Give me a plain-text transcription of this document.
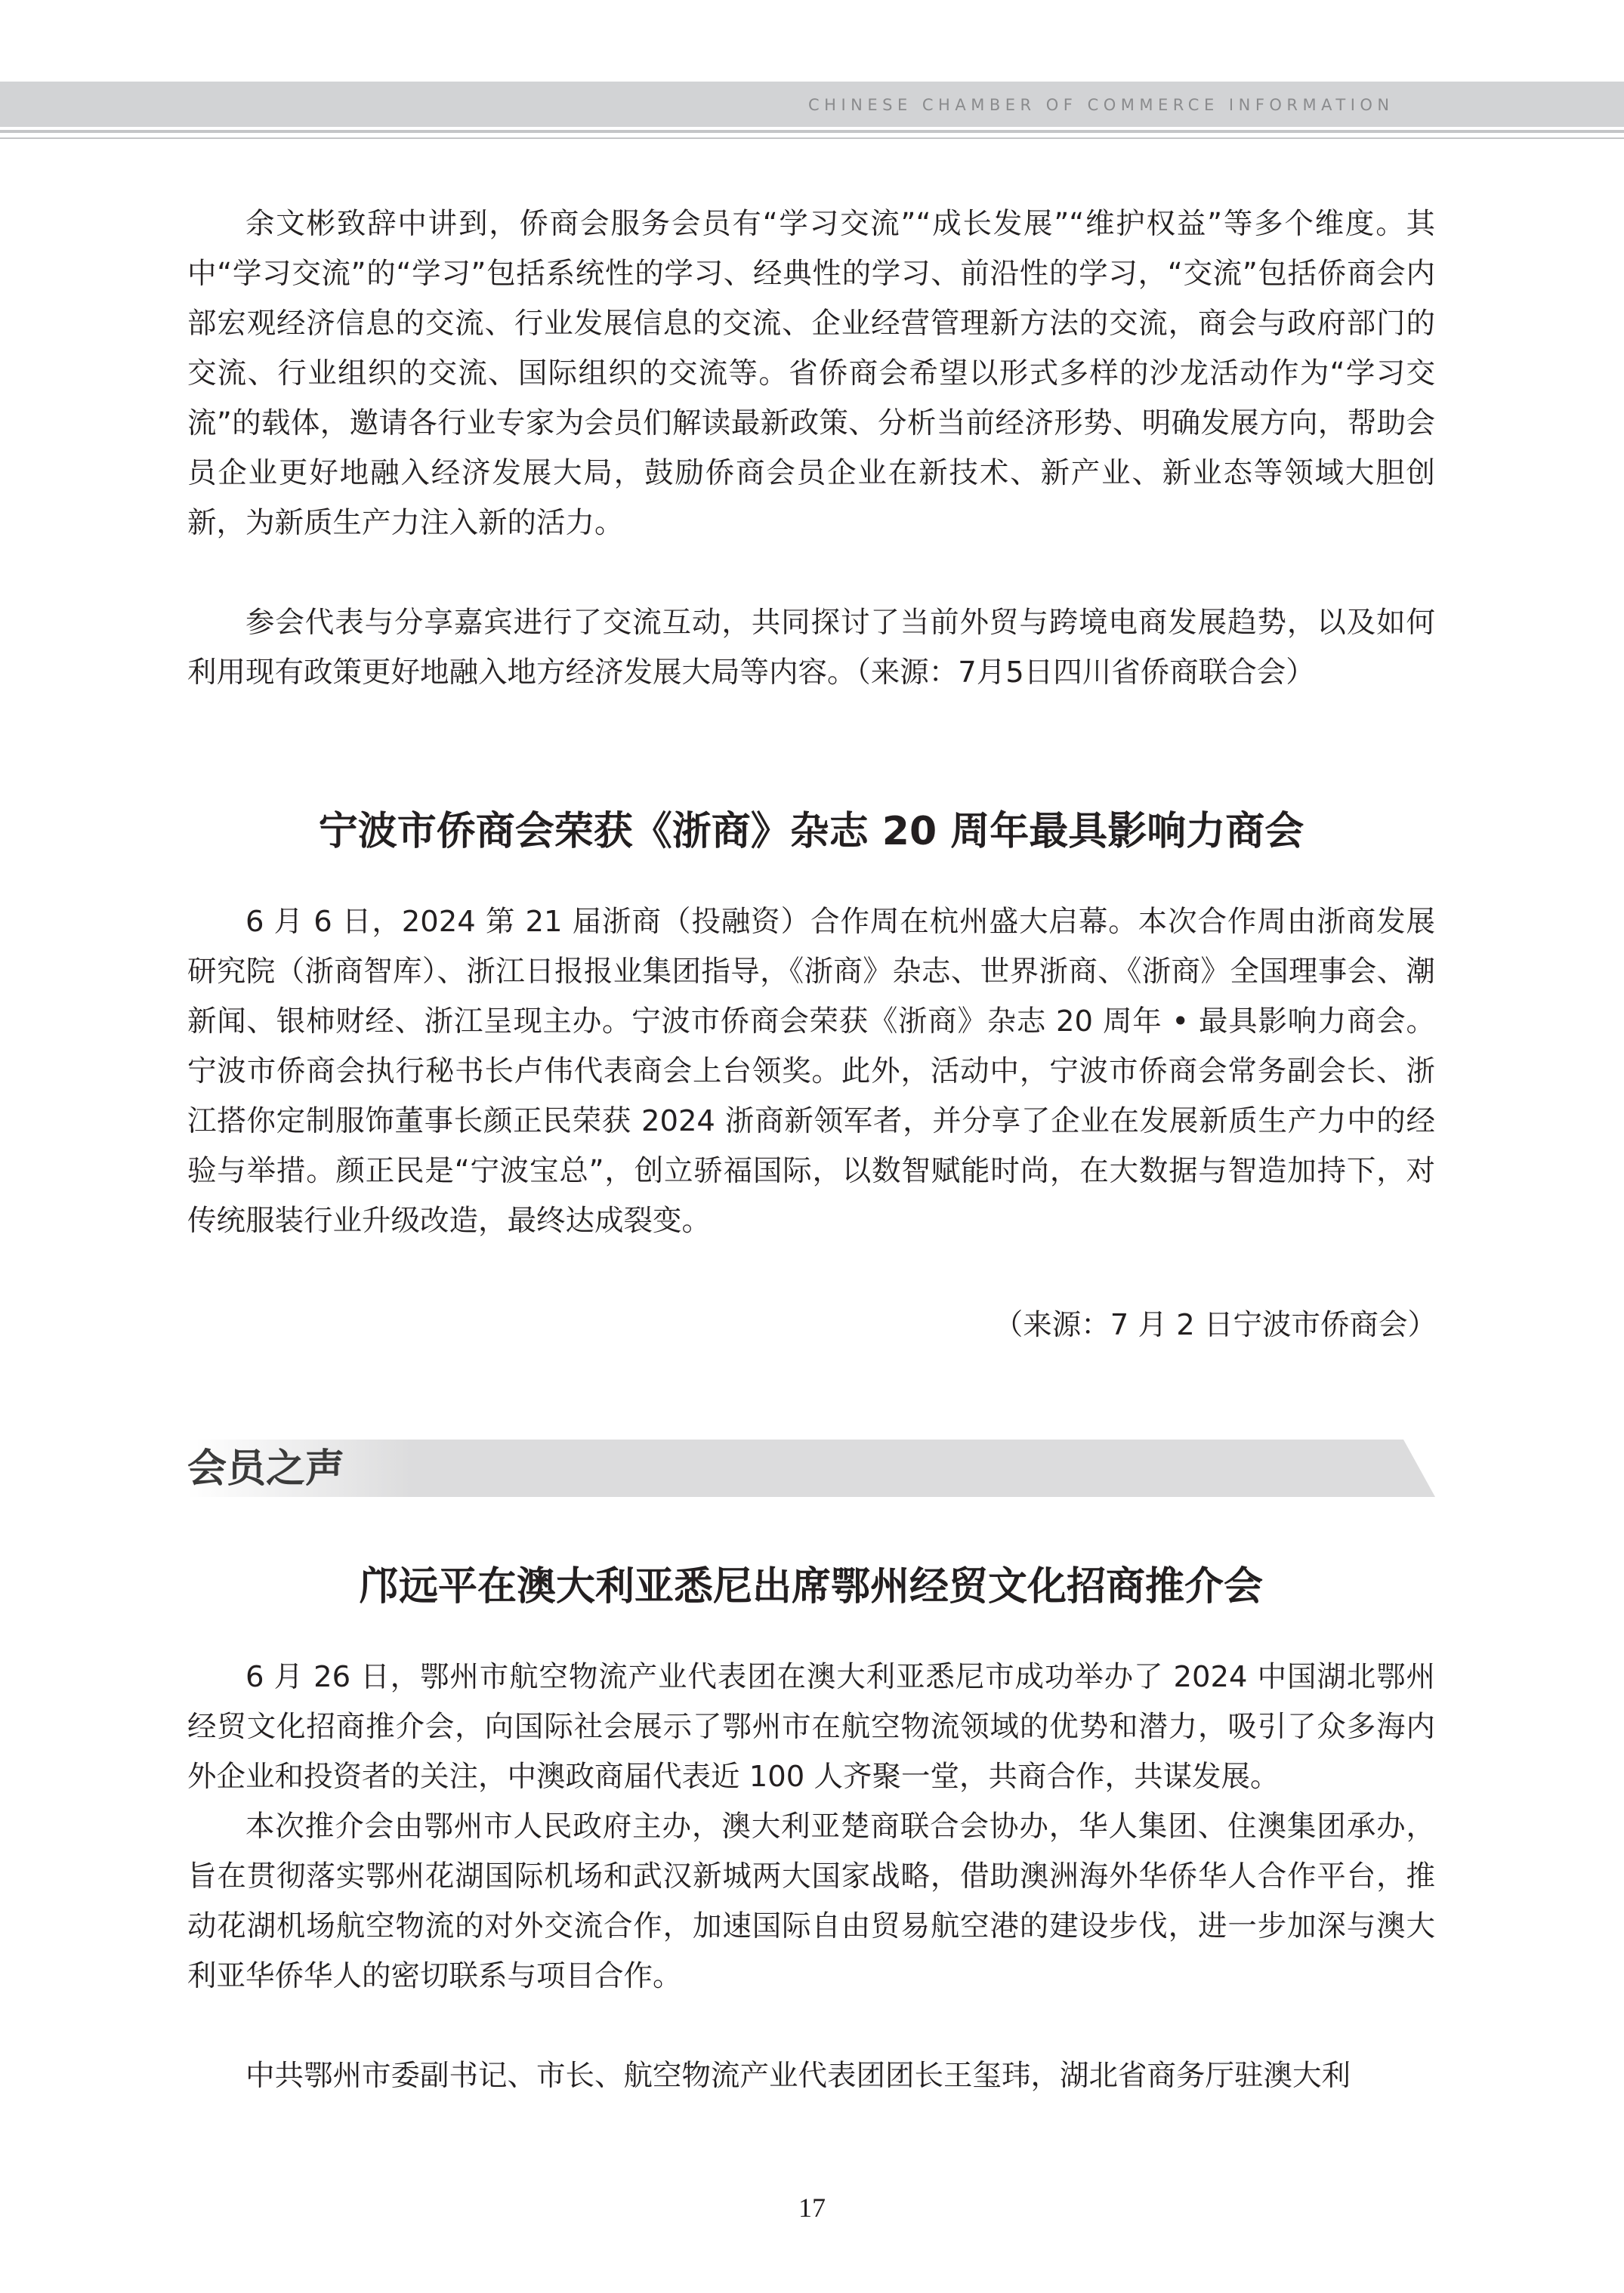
CHINESE CHAMBER OF COMMERCE INFORMATION

余文彬致辞中讲到，侨商会服务会员有“学习交流”“成长发展”“维护权益”等多个维度。其中“学习交流”的“学习”包括系统性的学习、经典性的学习、前沿性的学习，“交流”包括侨商会内部宏观经济信息的交流、行业发展信息的交流、企业经营管理新方法的交流，商会与政府部门的交流、行业组织的交流、国际组织的交流等。省侨商会希望以形式多样的沙龙活动作为“学习交流”的载体，邀请各行业专家为会员们解读最新政策、分析当前经济形势、明确发展方向，帮助会员企业更好地融入经济发展大局，鼓励侨商会员企业在新技术、新产业、新业态等领域大胆创新，为新质生产力注入新的活力。

参会代表与分享嘉宾进行了交流互动，共同探讨了当前外贸与跨境电商发展趋势，以及如何利用现有政策更好地融入地方经济发展大局等内容。（来源：7月5日四川省侨商联合会）

宁波市侨商会荣获《浙商》杂志 20 周年最具影响力商会

6 月 6 日，2024 第 21 届浙商（投融资）合作周在杭州盛大启幕。本次合作周由浙商发展研究院（浙商智库）、浙江日报报业集团指导，《浙商》杂志、世界浙商、《浙商》全国理事会、潮新闻、银柿财经、浙江呈现主办。宁波市侨商会荣获《浙商》杂志 20 周年 • 最具影响力商会。宁波市侨商会执行秘书长卢伟代表商会上台领奖。此外，活动中，宁波市侨商会常务副会长、浙江搭你定制服饰董事长颜正民荣获 2024 浙商新领军者，并分享了企业在发展新质生产力中的经验与举措。颜正民是“宁波宝总”，创立骄福国际，以数智赋能时尚，在大数据与智造加持下，对传统服装行业升级改造，最终达成裂变。

（来源：7 月 2 日宁波市侨商会）

会员之声
邝远平在澳大利亚悉尼出席鄂州经贸文化招商推介会

6 月 26 日，鄂州市航空物流产业代表团在澳大利亚悉尼市成功举办了 2024 中国湖北鄂州经贸文化招商推介会，向国际社会展示了鄂州市在航空物流领域的优势和潜力，吸引了众多海内外企业和投资者的关注，中澳政商届代表近 100 人齐聚一堂，共商合作，共谋发展。

本次推介会由鄂州市人民政府主办，澳大利亚楚商联合会协办，华人集团、住澳集团承办，旨在贯彻落实鄂州花湖国际机场和武汉新城两大国家战略，借助澳洲海外华侨华人合作平台，推动花湖机场航空物流的对外交流合作，加速国际自由贸易航空港的建设步伐，进一步加深与澳大利亚华侨华人的密切联系与项目合作。

中共鄂州市委副书记、市长、航空物流产业代表团团长王玺玮，湖北省商务厅驻澳大利

17
